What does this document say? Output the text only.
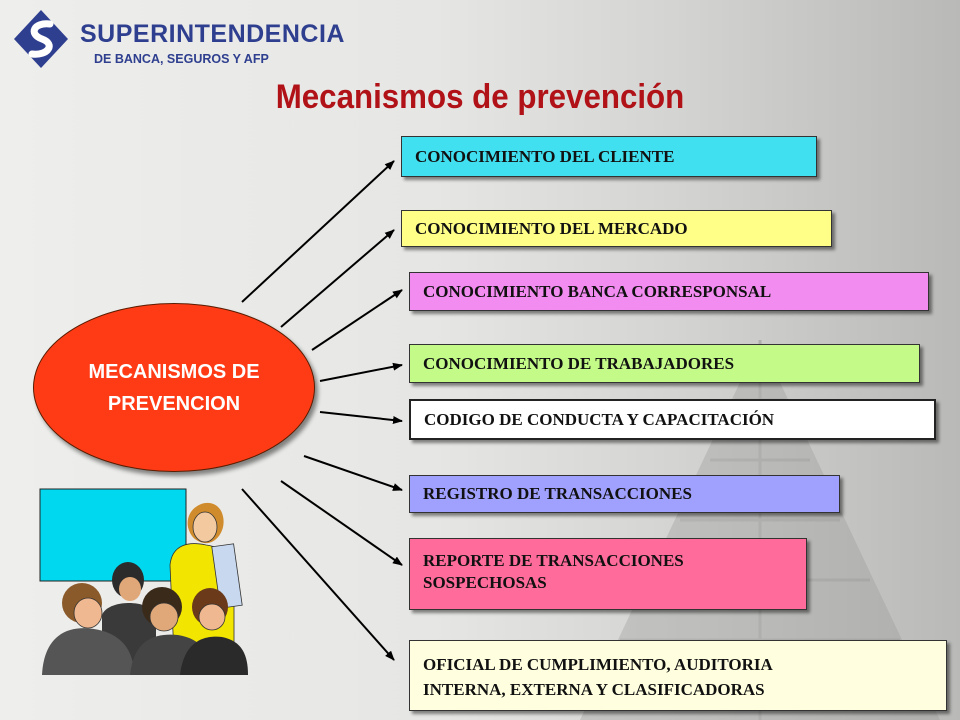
SUPERINTENDENCIA
DE BANCA, SEGUROS Y AFP
Mecanismos de prevención
MECANISMOS DE
PREVENCION
CONOCIMIENTO DEL CLIENTE
CONOCIMIENTO DEL MERCADO
CONOCIMIENTO BANCA CORRESPONSAL
CONOCIMIENTO DE TRABAJADORES
CODIGO DE CONDUCTA Y CAPACITACIÓN
REGISTRO DE TRANSACCIONES
REPORTE DE TRANSACCIONES
SOSPECHOSAS
OFICIAL DE CUMPLIMIENTO, AUDITORIA
INTERNA, EXTERNA Y CLASIFICADORAS
